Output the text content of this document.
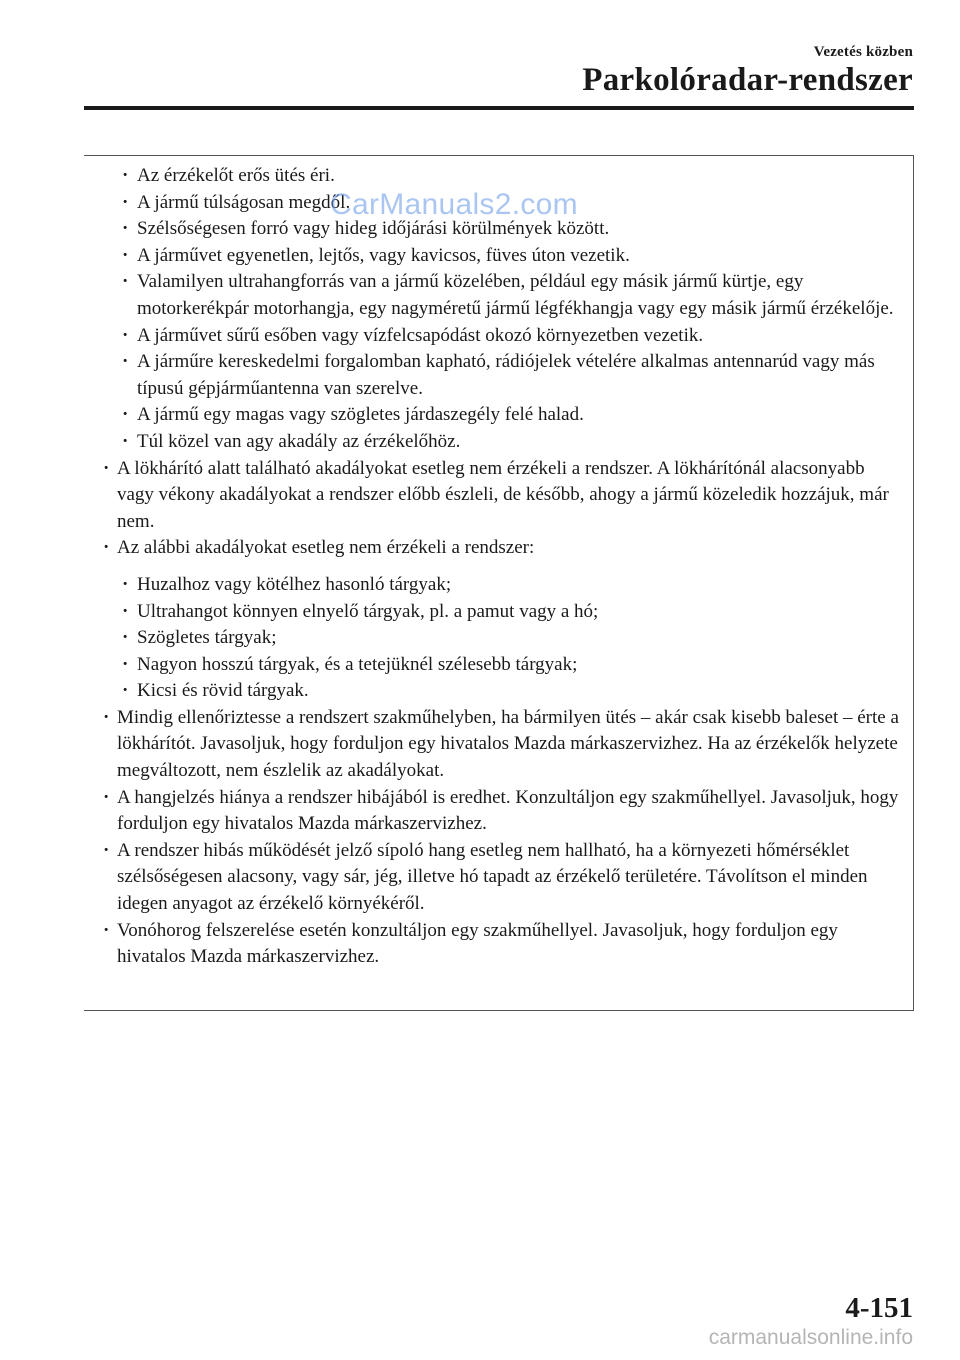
Vezetés közben
Parkolóradar-rendszer
· Az érzékelőt erős ütés éri.
· A jármű túlságosan megdől.
· Szélsőségesen forró vagy hideg időjárási körülmények között.
· A járművet egyenetlen, lejtős, vagy kavicsos, füves úton vezetik.
· Valamilyen ultrahangforrás van a jármű közelében, például egy másik jármű kürtje, egy motorkerékpár motorhangja, egy nagyméretű jármű légfékhangja vagy egy másik jármű érzékelője.
· A járművet sűrű esőben vagy vízfelcsapódást okozó környezetben vezetik.
· A járműre kereskedelmi forgalomban kapható, rádiójelek vételére alkalmas antennarúd vagy más típusú gépjárműantenna van szerelve.
· A jármű egy magas vagy szögletes járdaszegély felé halad.
· Túl közel van agy akadály az érzékelőhöz.
· A lökhárító alatt található akadályokat esetleg nem érzékeli a rendszer. A lökhárítónál alacsonyabb vagy vékony akadályokat a rendszer előbb észleli, de később, ahogy a jármű közeledik hozzájuk, már nem.
· Az alábbi akadályokat esetleg nem érzékeli a rendszer:
· Huzalhoz vagy kötélhez hasonló tárgyak;
· Ultrahangot könnyen elnyelő tárgyak, pl. a pamut vagy a hó;
· Szögletes tárgyak;
· Nagyon hosszú tárgyak, és a tetejüknél szélesebb tárgyak;
· Kicsi és rövid tárgyak.
· Mindig ellenőriztesse a rendszert szakműhelyben, ha bármilyen ütés – akár csak kisebb baleset – érte a lökhárítót. Javasoljuk, hogy forduljon egy hivatalos Mazda márkaszervizhez. Ha az érzékelők helyzete megváltozott, nem észlelik az akadályokat.
· A hangjelzés hiánya a rendszer hibájából is eredhet. Konzultáljon egy szakműhellyel. Javasoljuk, hogy forduljon egy hivatalos Mazda márkaszervizhez.
· A rendszer hibás működését jelző sípoló hang esetleg nem hallható, ha a környezeti hőmérséklet szélsőségesen alacsony, vagy sár, jég, illetve hó tapadt az érzékelő területére. Távolítson el minden idegen anyagot az érzékelő környékéről.
· Vonóhorog felszerelése esetén konzultáljon egy szakműhellyel. Javasoljuk, hogy forduljon egy hivatalos Mazda márkaszervizhez.
CarManuals2.com
4-151
carmanualsonline.info
